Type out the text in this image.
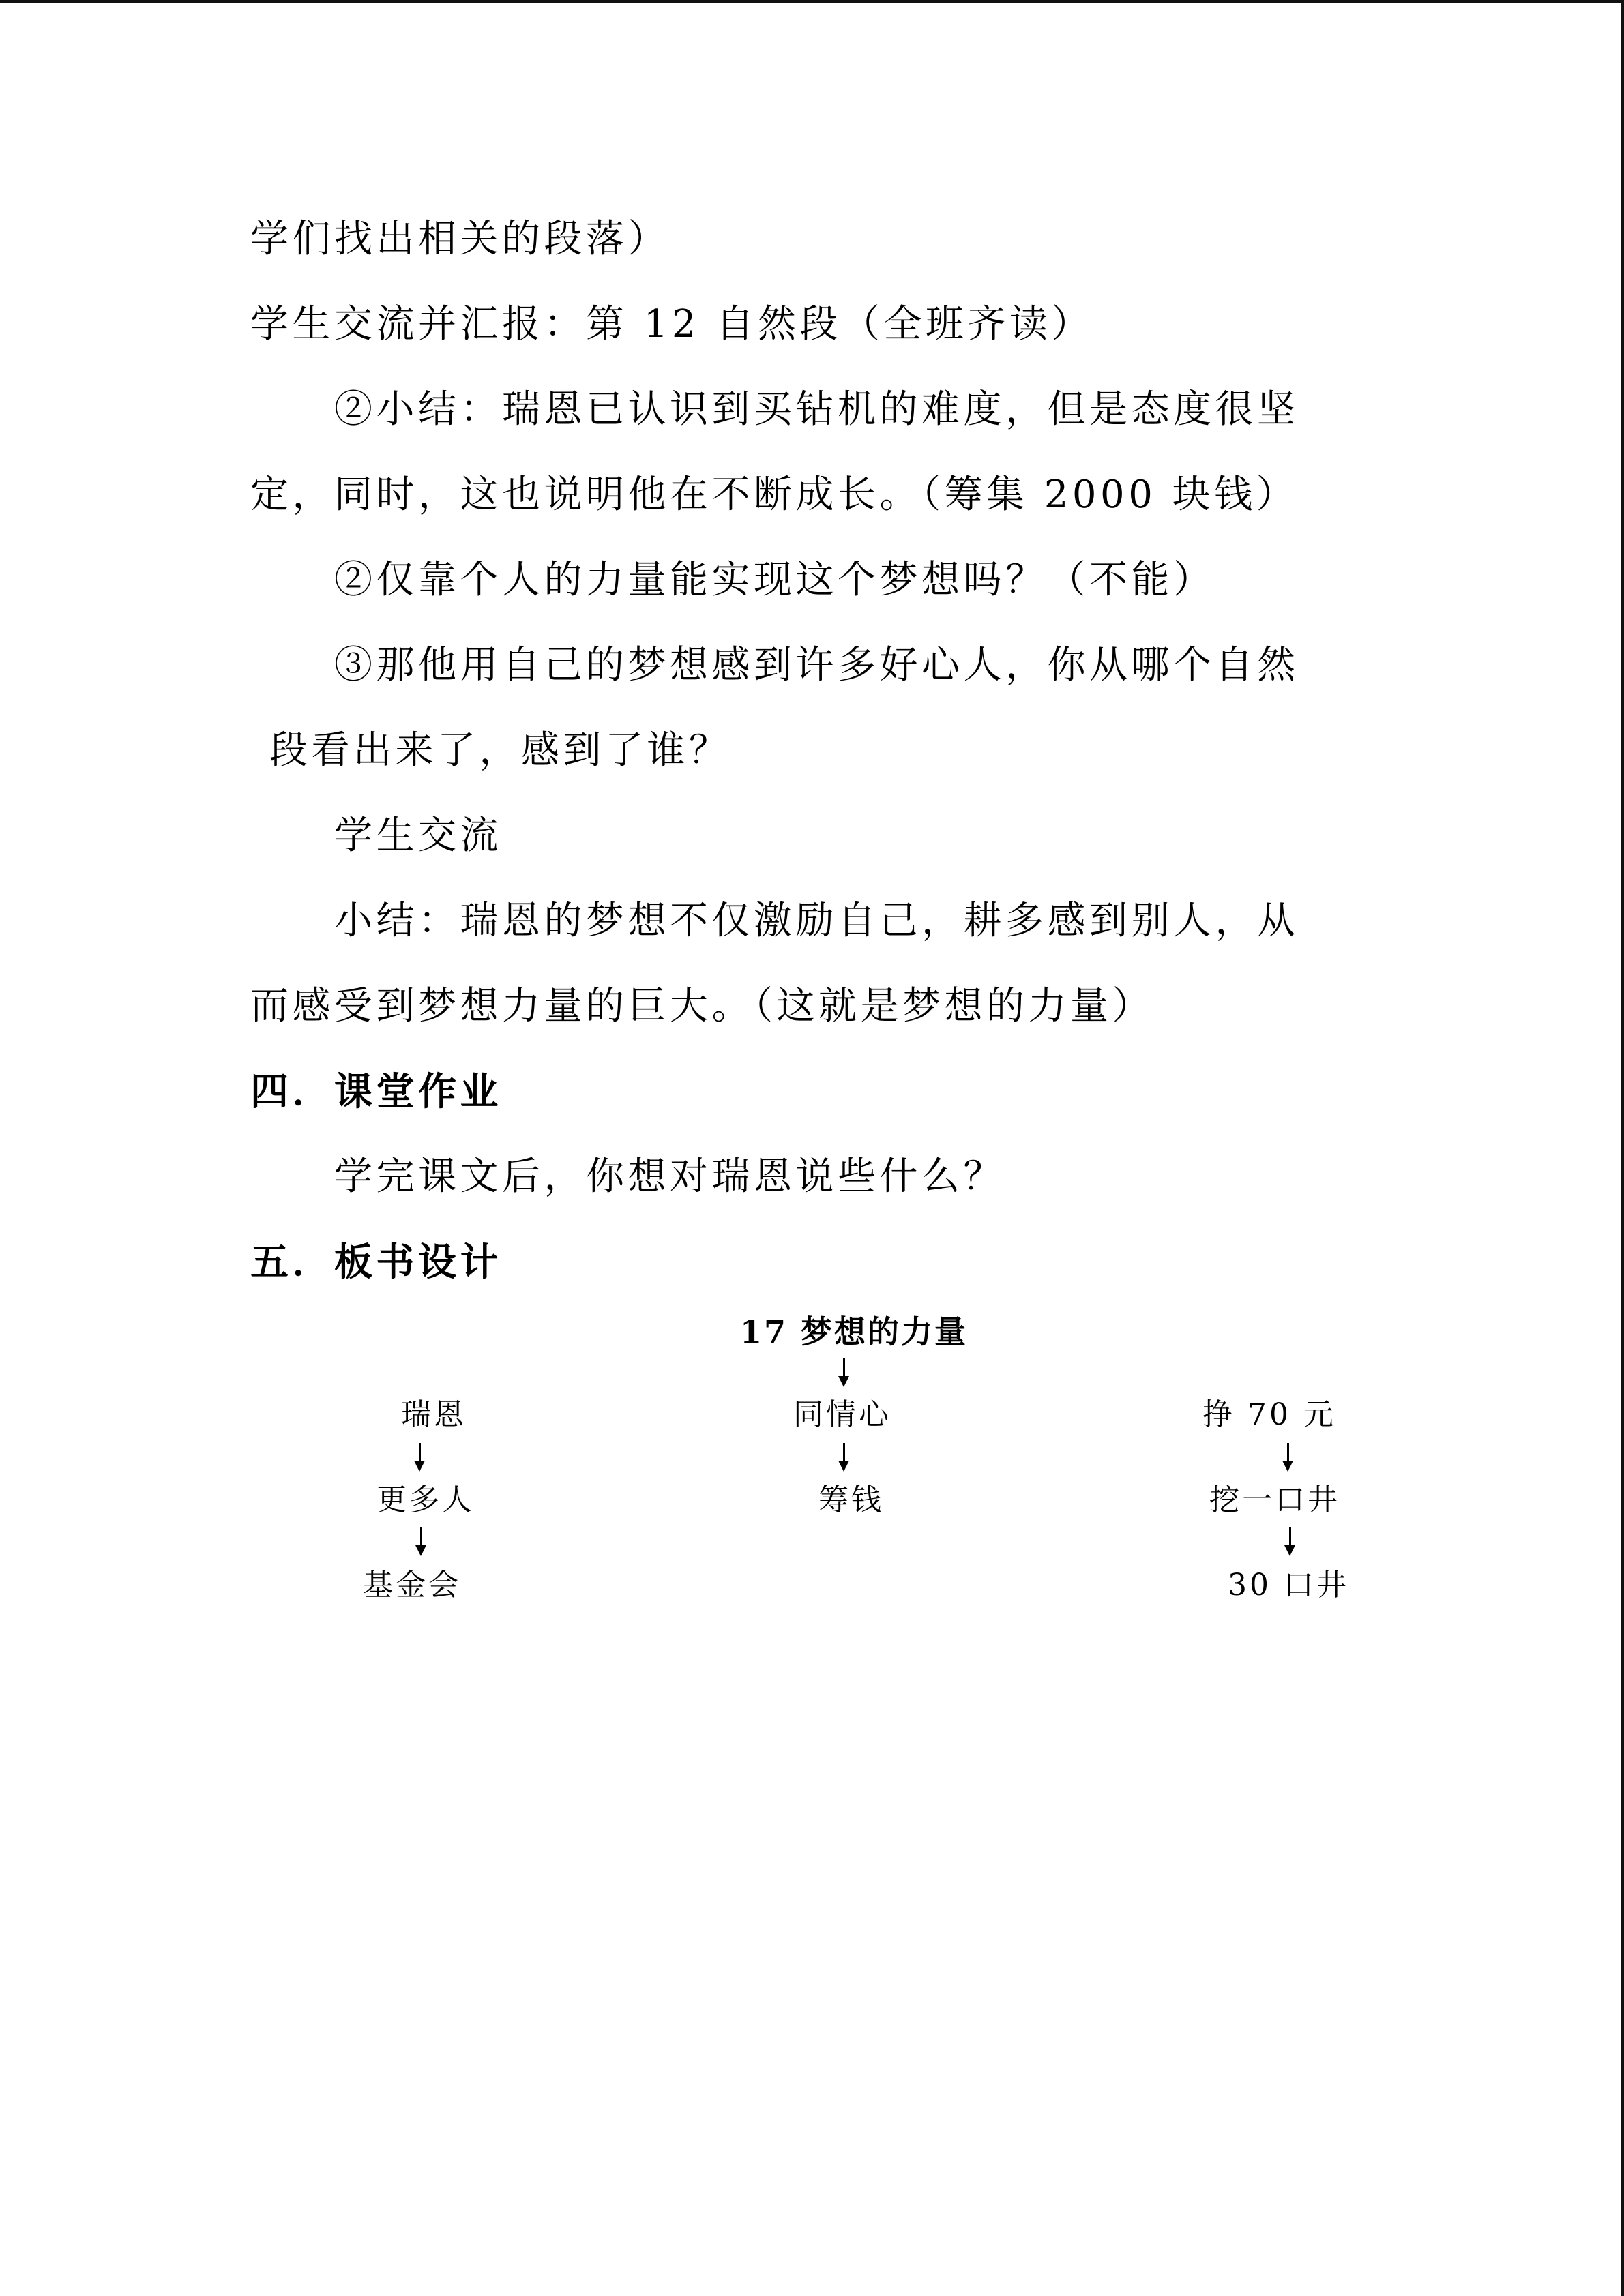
学们找出相关的段落）
学生交流并汇报：第 12 自然段（全班齐读）
②小结：瑞恩已认识到买钻机的难度，但是态度很坚
定，同时，这也说明他在不断成长。（筹集 2000 块钱）
②仅靠个人的力量能实现这个梦想吗？（不能）
③那他用自己的梦想感到许多好心人，你从哪个自然
段看出来了，感到了谁？
学生交流
小结：瑞恩的梦想不仅激励自己，耕多感到别人，从
而感受到梦想力量的巨大。（这就是梦想的力量）
四．课堂作业
学完课文后，你想对瑞恩说些什么？
五．板书设计
17 梦想的力量
瑞恩
更多人
基金会
同情心
筹钱
挣 70 元
挖一口井
30 口井
